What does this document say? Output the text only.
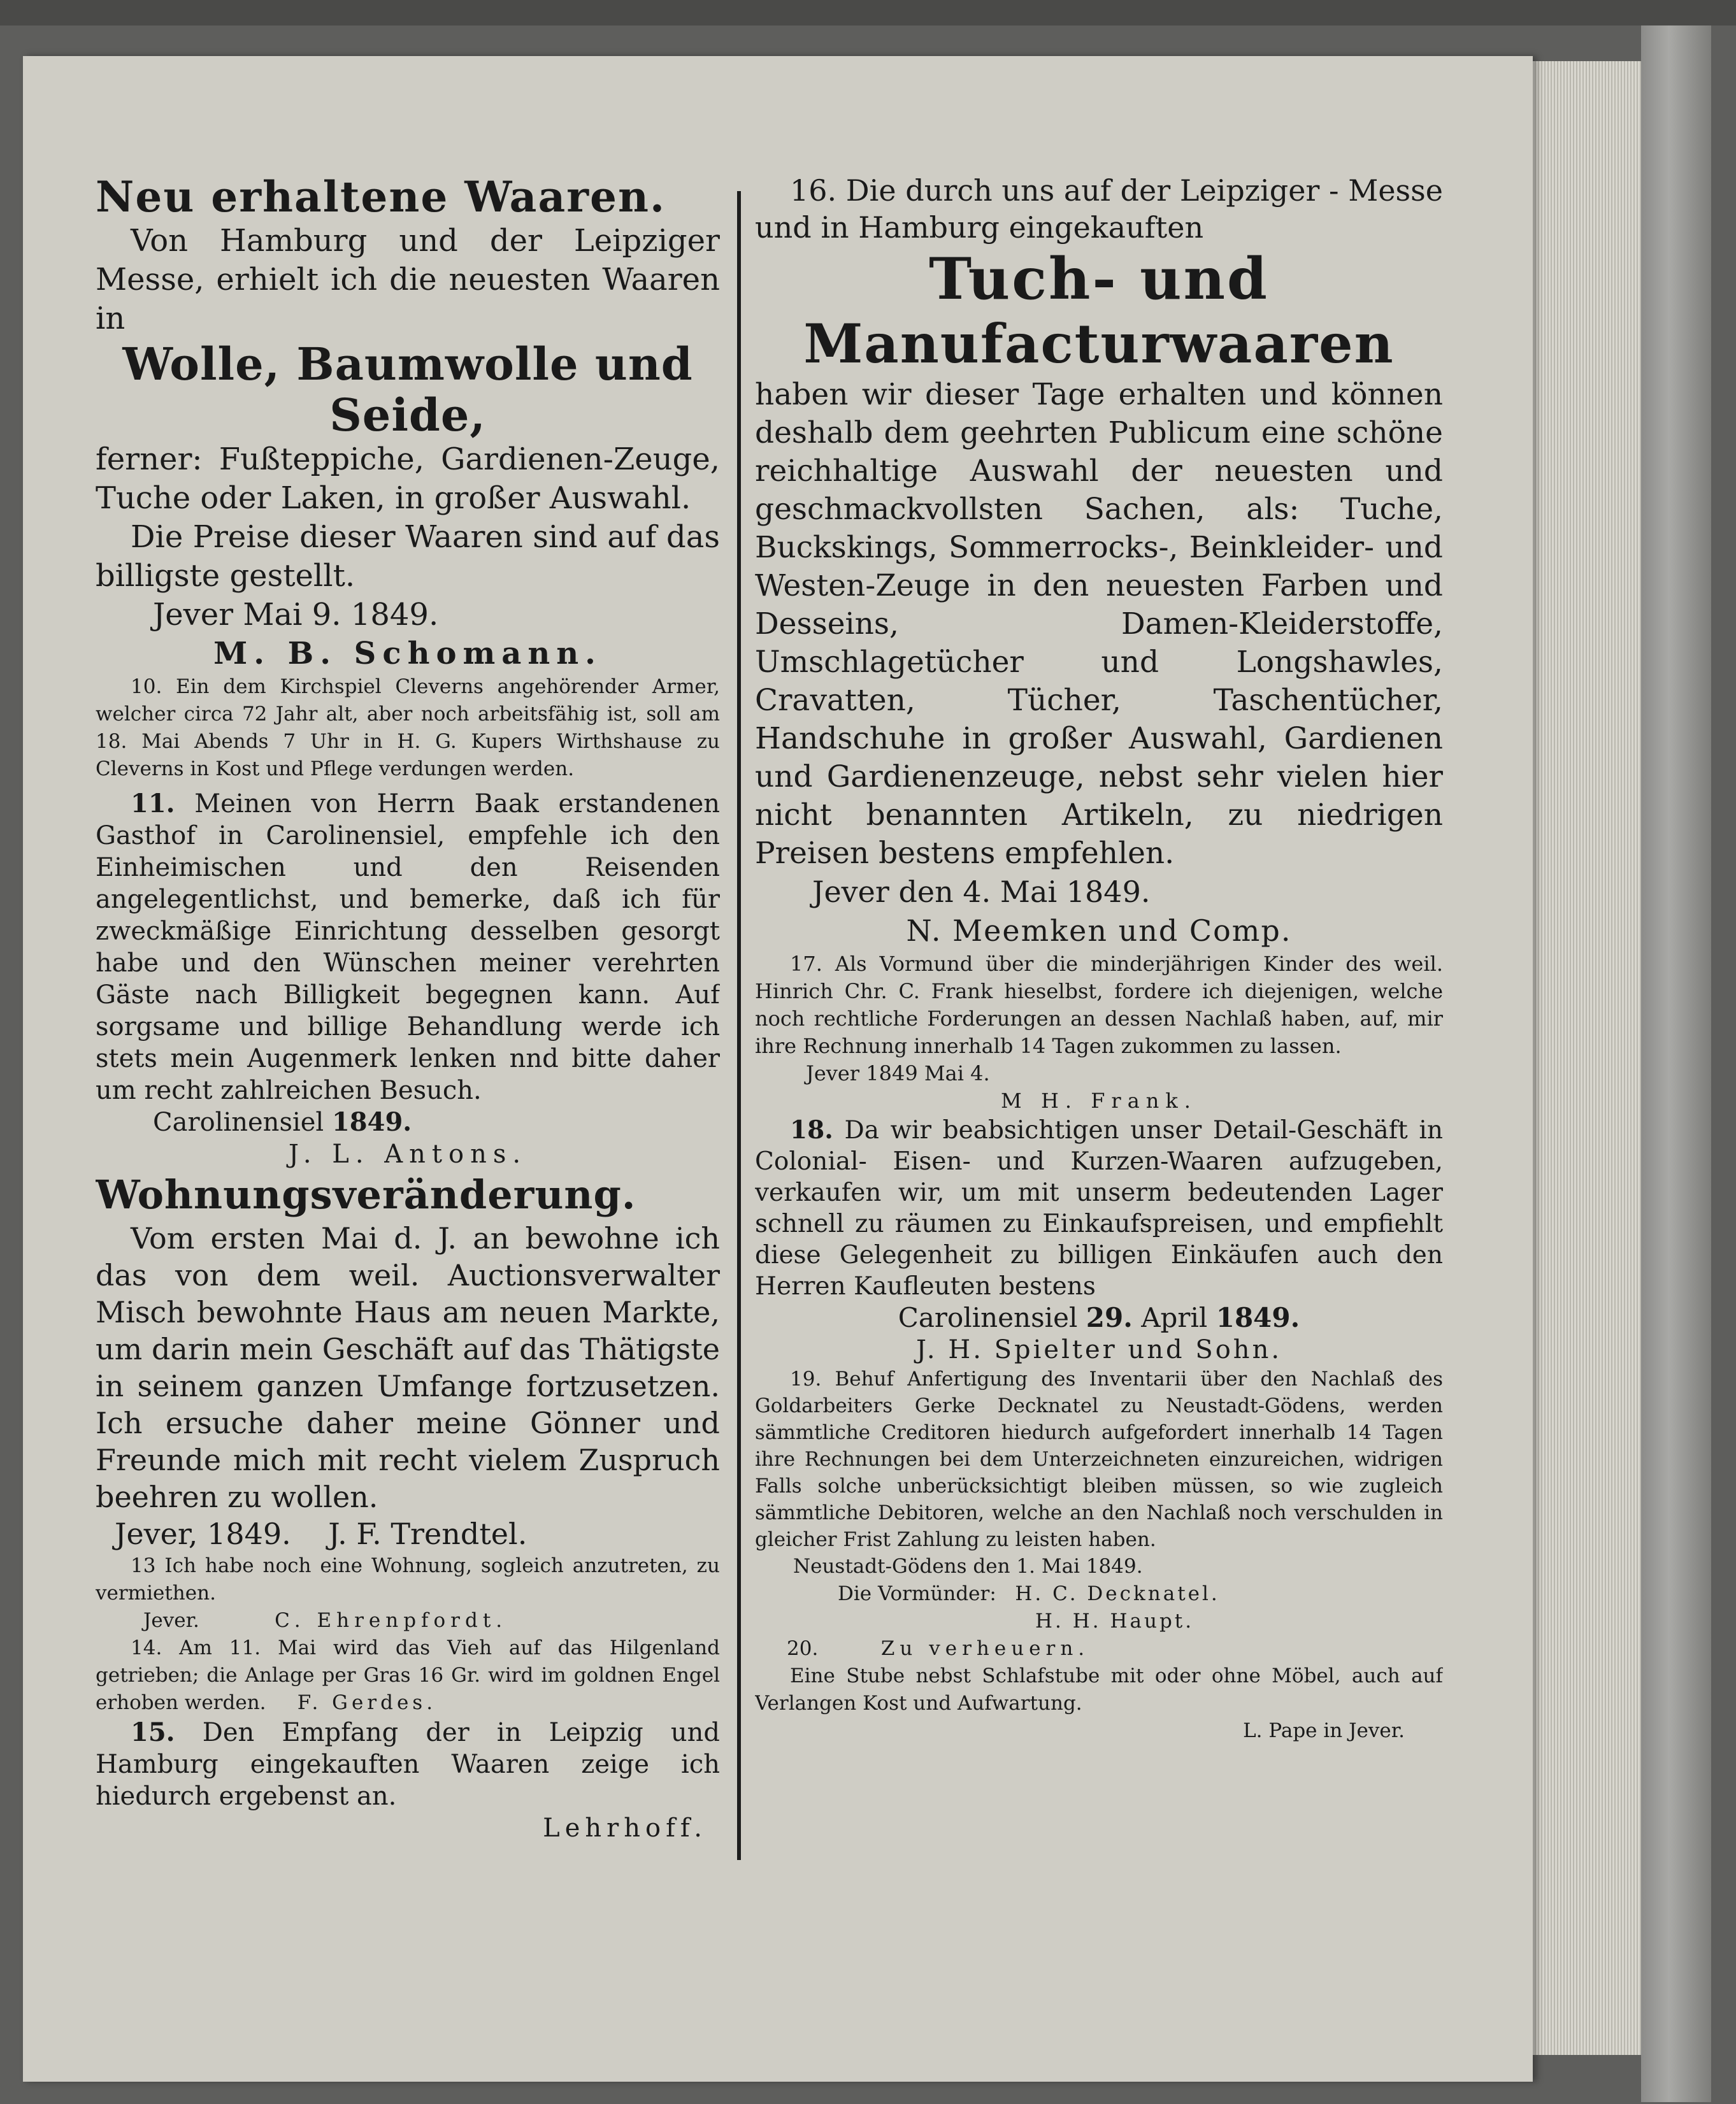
Neu erhaltene Waaren.

Von Hamburg und der Leipziger Messe, erhielt ich die neuesten Waaren in

Wolle, Baumwolle und

Seide,

ferner: Fußteppiche, Gardienen-Zeuge, Tuche oder Laken, in großer Auswahl.

Die Preise dieser Waaren sind auf das billigste gestellt.

Jever Mai 9. 1849.

M. B. Schomann.

10. Ein dem Kirchspiel Cleverns angehörender Armer, welcher circa 72 Jahr alt, aber noch arbeitsfähig ist, soll am 18. Mai Abends 7 Uhr in H. G. Kupers Wirthshause zu Cleverns in Kost und Pflege verdungen werden.

11. Meinen von Herrn Baak erstandenen Gasthof in Carolinensiel, empfehle ich den Einheimischen und den Reisenden angelegentlichst, und bemerke, daß ich für zweckmäßige Einrichtung desselben gesorgt habe und den Wünschen meiner verehrten Gäste nach Billigkeit begegnen kann. Auf sorgsame und billige Behandlung werde ich stets mein Augenmerk lenken nnd bitte daher um recht zahlreichen Besuch.

Carolinensiel 1849.

J. L. Antons.

Wohnungsveränderung.

Vom ersten Mai d. J. an bewohne ich das von dem weil. Auctionsverwalter Misch bewohnte Haus am neuen Markte, um darin mein Geschäft auf das Thätigste in seinem ganzen Umfange fortzusetzen. Ich ersuche daher meine Gönner und Freunde mich mit recht vielem Zuspruch beehren zu wollen.

Jever, 1849. J. F. Trendtel.

13 Ich habe noch eine Wohnung, sogleich anzutreten, zu vermiethen.

Jever.	C. Ehrenpfordt.

14. Am 11. Mai wird das Vieh auf das Hilgenland getrieben; die Anlage per Gras 16 Gr. wird im goldnen Engel erhoben werden. F. Gerdes.

15. Den Empfang der in Leipzig und Hamburg eingekauften Waaren zeige ich hiedurch ergebenst an.

Lehrhoff.

16. Die durch uns auf der Leipziger - Messe und in Hamburg eingekauften

Tuch- und

Manufacturwaaren

haben wir dieser Tage erhalten und können deshalb dem geehrten Publicum eine schöne reichhaltige Auswahl der neuesten und geschmackvollsten Sachen, als: Tuche, Buckskings, Sommerrocks-, Beinkleider- und Westen-Zeuge in den neuesten Farben und Desseins, Damen-Kleiderstoffe, Umschlagetücher und Longshawles, Cravatten, Tücher, Taschentücher, Handschuhe in großer Auswahl, Gardienen und Gardienenzeuge, nebst sehr vielen hier nicht benannten Artikeln, zu niedrigen Preisen bestens empfehlen.

Jever den 4. Mai 1849.

N. Meemken und Comp.

17. Als Vormund über die minderjährigen Kinder des weil. Hinrich Chr. C. Frank hieselbst, fordere ich diejenigen, welche noch rechtliche Forderungen an dessen Nachlaß haben, auf, mir ihre Rechnung innerhalb 14 Tagen zukommen zu lassen.

Jever 1849 Mai 4.

M H. Frank.

18. Da wir beabsichtigen unser Detail-Geschäft in Colonial- Eisen- und Kurzen-Waaren aufzugeben, verkaufen wir, um mit unserm bedeutenden Lager schnell zu räumen zu Einkaufspreisen, und empfiehlt diese Gelegenheit zu billigen Einkäufen auch den Herren Kaufleuten bestens

Carolinensiel 29. April 1849.

J. H. Spielter und Sohn.

19. Behuf Anfertigung des Inventarii über den Nachlaß des Goldarbeiters Gerke Decknatel zu Neustadt-Gödens, werden sämmtliche Creditoren hiedurch aufgefordert innerhalb 14 Tagen ihre Rechnungen bei dem Unterzeichneten einzureichen, widrigen Falls solche unberücksichtigt bleiben müssen, so wie zugleich sämmtliche Debitoren, welche an den Nachlaß noch verschulden in gleicher Frist Zahlung zu leisten haben.

Neustadt-Gödens den 1. Mai 1849.

Die Vormünder: H. C. Decknatel.

H. H. Haupt.

20.	Zu verheuern.

Eine Stube nebst Schlafstube mit oder ohne Möbel, auch auf Verlangen Kost und Aufwartung.

L. Pape in Jever.
